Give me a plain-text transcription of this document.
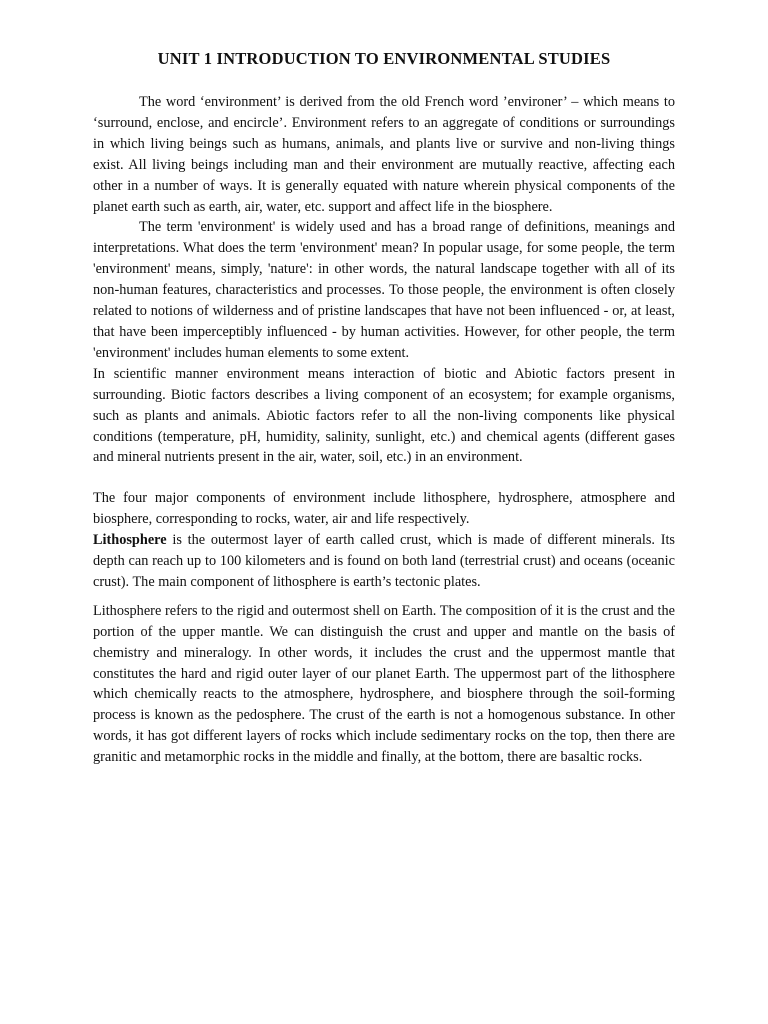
UNIT 1 INTRODUCTION TO ENVIRONMENTAL STUDIES

The word ‘environment’ is derived from the old French word ’environer’ – which means to ‘surround, enclose, and encircle’. Environment refers to an aggregate of conditions or surroundings in which living beings such as humans, animals, and plants live or survive and non-living things exist. All living beings including man and their environment are mutually reactive, affecting each other in a number of ways. It is generally equated with nature wherein physical components of the planet earth such as earth, air, water, etc. support and affect life in the biosphere.

The term 'environment' is widely used and has a broad range of definitions, meanings and interpretations. What does the term 'environment' mean? In popular usage, for some people, the term 'environment' means, simply, 'nature': in other words, the natural landscape together with all of its non-human features, characteristics and processes. To those people, the environment is often closely related to notions of wilderness and of pristine landscapes that have not been influenced - or, at least, that have been imperceptibly influenced - by human activities. However, for other people, the term 'environment' includes human elements to some extent.

In scientific manner environment means interaction of biotic and Abiotic factors present in surrounding. Biotic factors describes a living component of an ecosystem; for example organisms, such as plants and animals. Abiotic factors refer to all the non-living components like physical conditions (temperature, pH, humidity, salinity, sunlight, etc.) and chemical agents (different gases and mineral nutrients present in the air, water, soil, etc.) in an environment.

The four major components of environment include lithosphere, hydrosphere, atmosphere and biosphere, corresponding to rocks, water, air and life respectively.

Lithosphere is the outermost layer of earth called crust, which is made of different minerals. Its depth can reach up to 100 kilometers and is found on both land (terrestrial crust) and oceans (oceanic crust). The main component of lithosphere is earth’s tectonic plates.

Lithosphere refers to the rigid and outermost shell on Earth. The composition of it is the crust and the portion of the upper mantle. We can distinguish the crust and upper and mantle on the basis of chemistry and mineralogy. In other words, it includes the crust and the uppermost mantle that constitutes the hard and rigid outer layer of our planet Earth. The uppermost part of the lithosphere which chemically reacts to the atmosphere, hydrosphere, and biosphere through the soil-forming process is known as the pedosphere. The crust of the earth is not a homogenous substance. In other words, it has got different layers of rocks which include sedimentary rocks on the top, then there are granitic and metamorphic rocks in the middle and finally, at the bottom, there are basaltic rocks.
